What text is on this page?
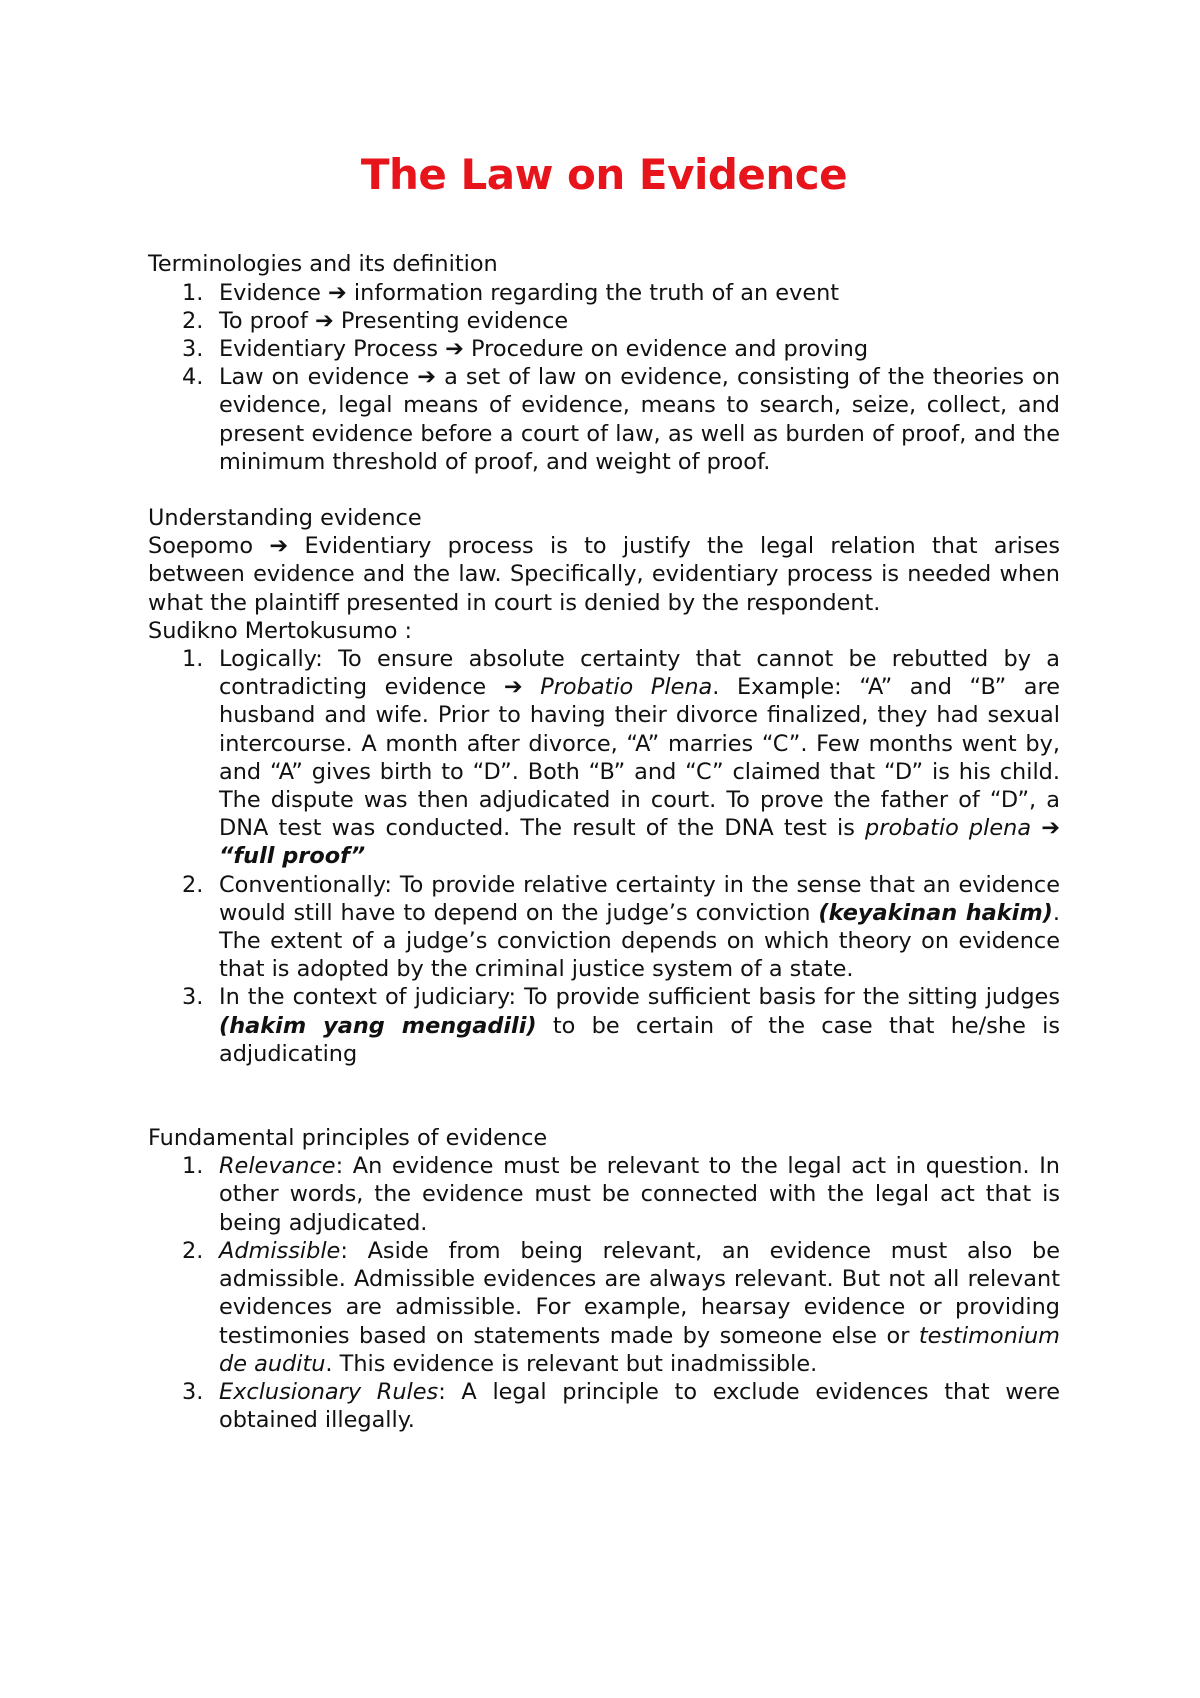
The Law on Evidence

Terminologies and its definition

1. Evidence ➔ information regarding the truth of an event
2. To proof ➔ Presenting evidence
3. Evidentiary Process ➔ Procedure on evidence and proving
4. Law on evidence ➔ a set of law on evidence, consisting of the theories on evidence, legal means of evidence, means to search, seize, collect, and present evidence before a court of law, as well as burden of proof, and the minimum threshold of proof, and weight of proof.

Understanding evidence

Soepomo ➔ Evidentiary process is to justify the legal relation that arises between evidence and the law. Specifically, evidentiary process is needed when what the plaintiff presented in court is denied by the respondent.

Sudikno Mertokusumo :

1. Logically: To ensure absolute certainty that cannot be rebutted by a contradicting evidence ➔ Probatio Plena. Example: “A” and “B” are husband and wife. Prior to having their divorce finalized, they had sexual intercourse. A month after divorce, “A” marries “C”. Few months went by, and “A” gives birth to “D”. Both “B” and “C” claimed that “D” is his child. The dispute was then adjudicated in court. To prove the father of “D”, a DNA test was conducted. The result of the DNA test is probatio plena ➔ “full proof”
2. Conventionally: To provide relative certainty in the sense that an evidence would still have to depend on the judge’s conviction (keyakinan hakim). The extent of a judge’s conviction depends on which theory on evidence that is adopted by the criminal justice system of a state.
3. In the context of judiciary: To provide sufficient basis for the sitting judges (hakim yang mengadili) to be certain of the case that he/she is adjudicating

Fundamental principles of evidence

1. Relevance: An evidence must be relevant to the legal act in question. In other words, the evidence must be connected with the legal act that is being adjudicated.
2. Admissible: Aside from being relevant, an evidence must also be admissible. Admissible evidences are always relevant. But not all relevant evidences are admissible. For example, hearsay evidence or providing testimonies based on statements made by someone else or testimonium de auditu. This evidence is relevant but inadmissible.
3. Exclusionary Rules: A legal principle to exclude evidences that were obtained illegally.
